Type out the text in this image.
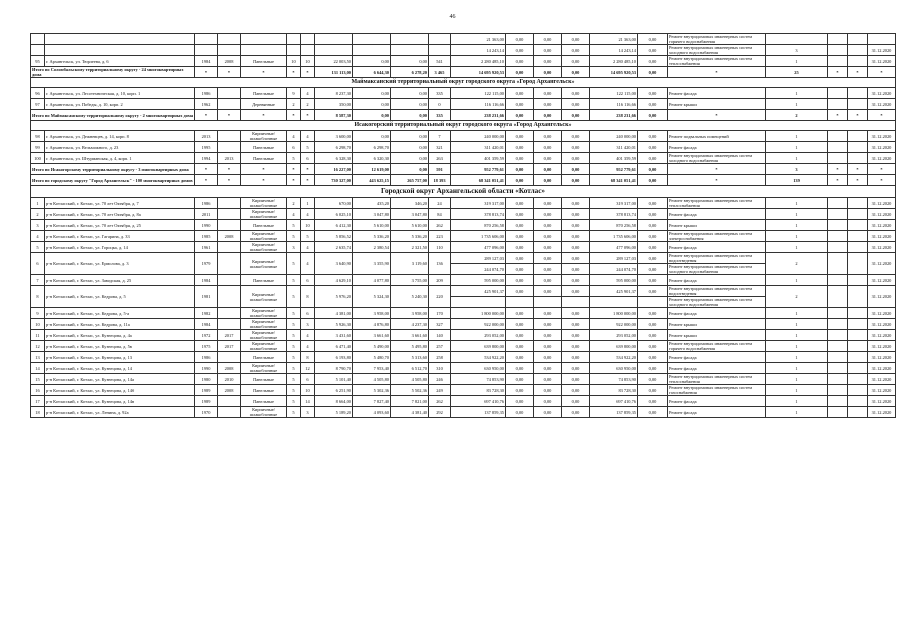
46
											21 363,00	0,00	0,00	0,00	21 363,00	0,00	Ремонт внутридомовых инженерных систем горячего водоснабжения				
											14 243,14	0,00	0,00	0,00	14 243,14	0,00	Ремонт внутридомовых инженерных систем холодного водоснабжения	3			31.12.2020
95	г. Архангельск, ул. Тюрлеева, д. 6	1984	2008	Панельные	10	10	22 003,50	0,00	0,00	541	2 280 485,10	0,00	0,00	0,00	2 280 485,10	0,00	Ремонт внутридомовых инженерных систем теплоснабжения	1			31.12.2020
Итого по Соломбальскому территориальному округу - 24 многоквартирных дома		*	*	*	*	*	131 113,00	6 644,30	6 278,20	3 465	14 695 920,53	0,00	0,00	0,00	14 695 920,53	0,00	*	25	*	*	*
Маймаксанский территориальный округ городского округа «Город Архангельск»																					
96	г. Архангельск, ул. Лесотехническая, д. 10, корп. 1	1986		Панельные	9	4	8 237,30	0,00	0,00	335	122 115,00	0,00	0,00	0,00	122 115,00	0,00	Ремонт фасада	1			31.12.2020
97	г. Архангельск, ул. Победы, д. 10, корп. 2	1962		Деревянные	2	2	350,00	0,00	0,00	0	116 116,66	0,00	0,00	0,00	116 116,66	0,00	Ремонт крыши	1			31.12.2020
Итого по Маймаксанскому территориальному округу - 2 многоквартирных дома		*	*	*	*	*	8 587,30	0,00	0,00	335	238 231,66	0,00	0,00	0,00	238 231,66	0,00	*	2	*	*	*
Исакогорский территориальный округ городского округа «Город Архангельск»																					
98	г. Архангельск, ул. Дежневцев, д. 14, корп. 8	2013		Кирпичные/шлакоблочные	4	4	3 600,00	0,00	0,00	7	240 000,00	0,00	0,00	0,00	240 000,00	0,00	Ремонт подвальных помещений	1			31.12.2020
99	г. Архангельск, ул. Вельможного, д. 23	1995		Панельные	6	5	6 298,70	6 298,70	0,00	321	311 420,01	0,00	0,00	0,00	311 420,01	0,00	Ремонт фасада	1			31.12.2020
100	г. Архангельск, ул. Штурманская, д. 4, корп. 1	1994	2013	Панельные	5	6	6 328,30	6 320,30	0,00	263	401 359,59	0,00	0,00	0,00	401 359,59	0,00	Ремонт внутридомовых инженерных систем холодного водоснабжения	1			31.12.2020
Итого по Исакогорскому территориальному округу - 3 многоквартирных дома		*	*	*	*	*	16 227,00	12 619,00	0,00	591	952 779,61	0,00	0,00	0,00	952 779,61	0,00	*	3	*	*	*
Итого по городскому округу "Город Архангельск" - 100 многоквартирных домов		*	*	*	*	*	730 327,00	443 625,15	265 757,00	18 393	68 341 051,41	0,00	0,00	0,00	68 341 051,41	0,00	*	139	*	*	*
Городской округ Архангельской области «Котлас»																					
1	р-н Котласский, г. Котлас, ул. 70 лет Октября, д. 7	1986		Кирпичные/шлакоблочные	2	1	670,00	435,20	346,20	24	319 317,00	0,00	0,00	0,00	319 317,00	0,00	Ремонт внутридомовых инженерных систем теплоснабжения	1			31.12.2020
2	р-н Котласский, г. Котлас, ул. 70 лет Октября, д. 8а	2011		Кирпичные/шлакоблочные	4	4	6 025,10	3 047,80	3 047,80	84	378 813,74	0,00	0,00	0,00	378 813,74	0,00	Ремонт фасада	1			31.12.2020
3	р-н Котласский, г. Котлас, ул. 70 лет Октября, д. 25	1990		Панельные	5	10	6 412,30	5 610,00	5 610,00	262	870 256,58	0,00	0,00	0,00	870 256,58	0,00	Ремонт крыши	1			31.12.2020
4	р-н Котласский, г. Котлас, ул. Гагарина, д. 33	1985	2008	Кирпичные/шлакоблочные	5	5	5 856,52	5 336,20	5 336,20	223	1 735 606,00	0,00	0,00	0,00	1 735 606,00	0,00	Ремонт внутридомовых инженерных систем электроснабжения	1			31.12.2020
5	р-н Котласский, г. Котлас, ул. Гороцка, д. 14	1961		Кирпичные/шлакоблочные	3	4	2 635,74	2 380,54	2 321,50	110	477 096,00	0,00	0,00	0,00	477 096,00	0,00	Ремонт фасада	1			31.12.2020
6	р-н Котласский, г. Котлас, ул. Ермолова, д. 3	1979		Кирпичные/шлакоблочные	5	4	3 640,90	3 355,90	3 119,60	136	289 127,03	0,00	0,00	0,00	289 127,03	0,00	Ремонт внутридомовых инженерных систем водоотведения	2			31.12.2020
											244 074,70	0,00	0,00	0,00	244 074,70	0,00	Ремонт внутридомовых инженерных систем холодного водоснабжения				
7	р-н Котласский, г. Котлас, ул. Заводская, д. 25	1984		Панельные	5	6	4 629,10	4 077,80	3 755,00	209	595 000,00	0,00	0,00	0,00	595 000,00	0,00	Ремонт фасада	1			31.12.2020
8	р-н Котласский, г. Котлас, ул. Кедрова, д. 5	1981		Кирпичные/шлакоблочные	5	8	5 976,20	5 324,30	5 240,30	220	425 901,37	0,00	0,00	0,00	425 901,37	0,00	Ремонт внутридомовых инженерных систем водоотведения	2			31.12.2020
																	Ремонт внутридомовых инженерных систем холодного водоснабжения				
9	р-н Котласский, г. Котлас, ул. Кедрова, д. 5-а	1982		Кирпичные/шлакоблочные	5	6	4 381,00	3 958,00	3 958,00	170	1 800 000,00	0,00	0,00	0,00	1 800 000,00	0,00	Ремонт фасада	1			31.12.2020
10	р-н Котласский, г. Котлас, ул. Кедрова, д. 11а	1984		Кирпичные/шлакоблочные	5	3	5 926,30	4 876,80	4 237,30	327	922 000,00	0,00	0,00	0,00	922 000,00	0,00	Ремонт крыши	1			31.12.2020
11	р-н Котласский, г. Котлас, ул. Кузнецова, д. 4а	1972	2017	Кирпичные/шлакоблочные	5	4	3 431,60	3 661,60	3 661,60	140	293 052,00	0,00	0,00	0,00	293 052,00	0,00	Ремонт крыши	1			31.12.2020
12	р-н Котласский, г. Котлас, ул. Кузнецова, д. 5в	1975	2017	Кирпичные/шлакоблочные	5	4	6 471,40	5 490,00	5 495,80	257	639 800,00	0,00	0,00	0,00	639 800,00	0,00	Ремонт внутридомовых инженерных систем горячего водоснабжения	1			31.12.2020
13	р-н Котласский, г. Котлас, ул. Кузнецова, д. 13	1986		Панельные	5	8	6 193,80	5 480,70	5 313,60	258	534 922,20	0,00	0,00	0,00	534 922,20	0,00	Ремонт фасада	1			31.12.2020
14	р-н Котласский, г. Котлас, ул. Кузнецова, д. 14	1990	2008	Кирпичные/шлакоблочные	5	12	8 790,70	7 953,40	6 512,70	310	630 950,00	0,00	0,00	0,00	630 950,00	0,00	Ремонт фасада	1			31.12.2020
15	р-н Котласский, г. Котлас, ул. Кузнецова, д. 14а	1980	2010	Панельные	5	6	5 101,40	4 505,80	4 505,80	246	74 853,90	0,00	0,00	0,00	74 853,90	0,00	Ремонт внутридомовых инженерных систем теплоснабжения	1			31.12.2020
16	р-н Котласский, г. Котлас, ул. Кузнецова, д. 14б	1989	2008	Панельные	5	10	6 251,90	5 302,36	5 502,36	249	83 728,30	0,00	0,00	0,00	83 728,30	0,00	Ремонт внутридомовых инженерных систем газоснабжения	1			31.12.2020
17	р-н Котласский, г. Котлас, ул. Кузнецова, д. 14в	1989		Панельные	5	14	8 664,00	7 827,40	7 821,00	262	697 410,76	0,00	0,00	0,00	697 410,76	0,00	Ремонт фасада	1			31.12.2020
18	р-н Котласский, г. Котлас, ул. Ленина, д. 92а	1970		Кирпичные/шлакоблочные	5	3	5 189,20	4 093,60	4 381,40	292	137 859,35	0,00	0,00	0,00	137 859,35	0,00	Ремонт фасада	1			31.12.2020
